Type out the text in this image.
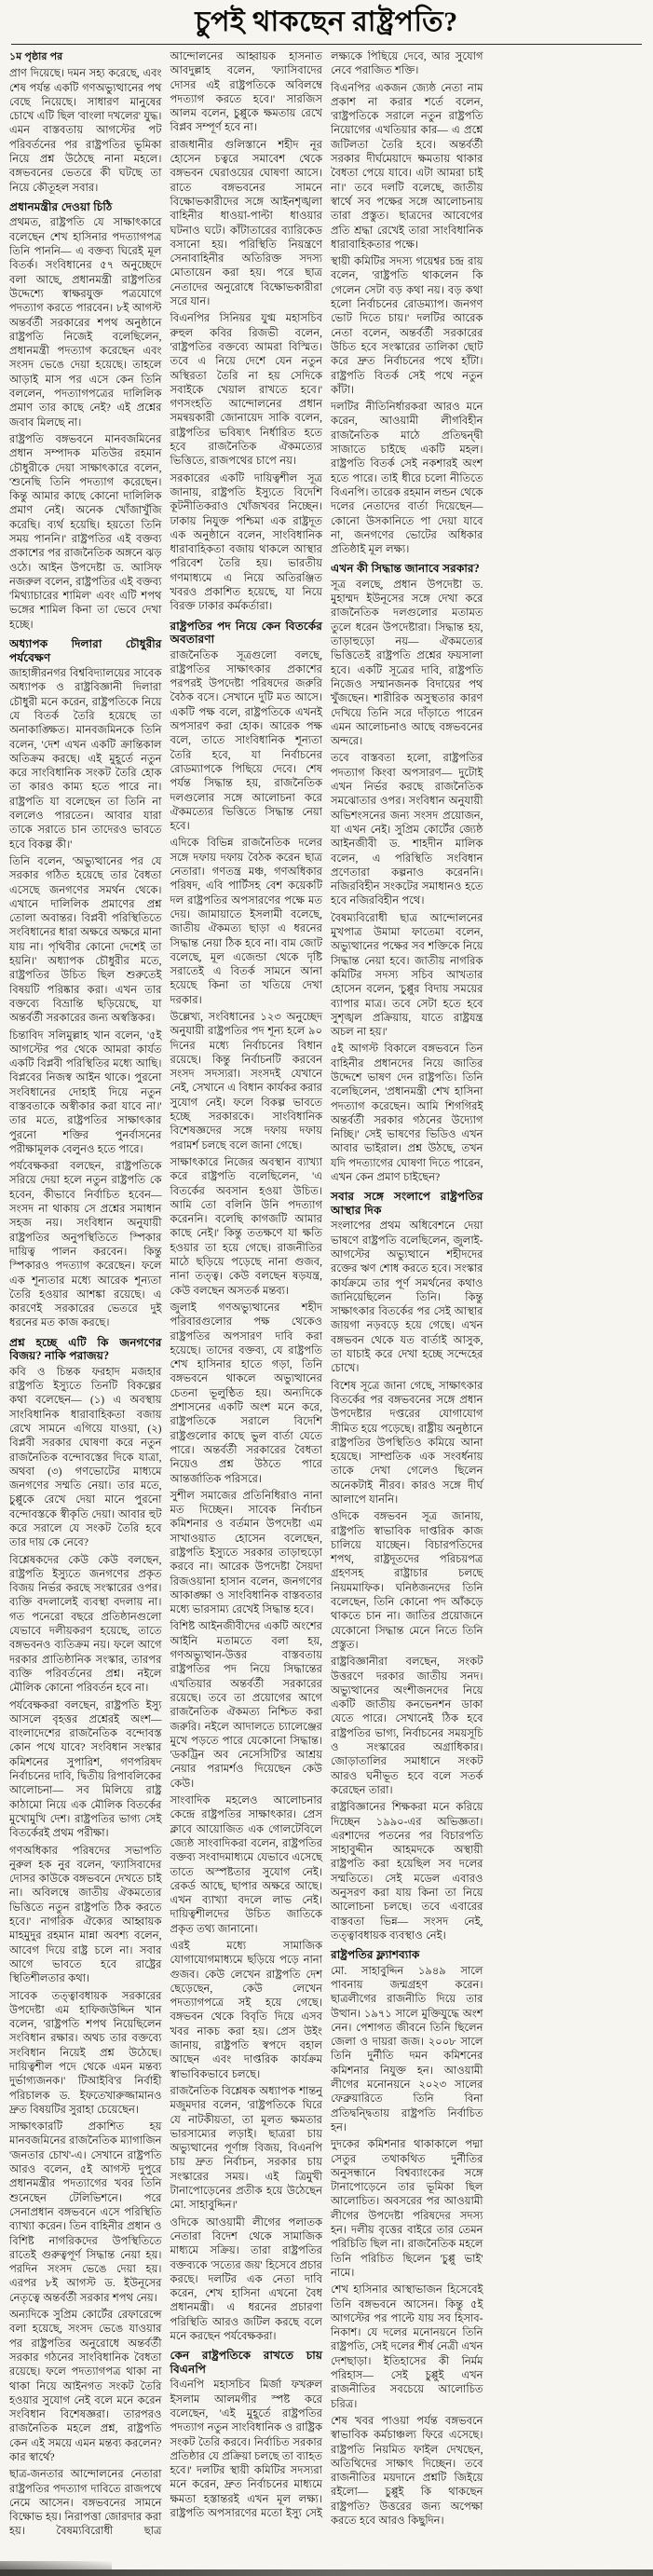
চুপই থাকছেন রাষ্ট্রপতি?
১ম পৃষ্ঠার পর

প্রাণ দিয়েছে। দমন সহ্য করেছে, এবং শেষ পর্যন্ত একটি গণঅভ্যুত্থানের পথ বেছে নিয়েছে। সাধারণ মানুষের চোখে এটি ছিল 'বাংলা দখলের' যুদ্ধ। এমন বাস্তবতায় আগস্টের পট পরিবর্তনের পর রাষ্ট্রপতির ভূমিকা নিয়ে প্রশ্ন উঠেছে নানা মহলে। বঙ্গভবনের ভেতরে কী ঘটছে তা নিয়ে কৌতূহল সবার।

প্রধানমন্ত্রীর দেওয়া চিঠি

প্রথমত, রাষ্ট্রপতি যে সাক্ষাৎকারে বলেছেন শেখ হাসিনার পদত্যাগপত্র তিনি পাননি— এ বক্তব্য ঘিরেই মূল বিতর্ক। সংবিধানের ৫৭ অনুচ্ছেদে বলা আছে, প্রধানমন্ত্রী রাষ্ট্রপতির উদ্দেশ্যে স্বাক্ষরযুক্ত পত্রযোগে পদত্যাগ করতে পারবেন। ৮ই আগস্ট অন্তর্বর্তী সরকারের শপথ অনুষ্ঠানে রাষ্ট্রপতি নিজেই বলেছিলেন, প্রধানমন্ত্রী পদত্যাগ করেছেন এবং সংসদ ভেঙে দেয়া হয়েছে। তাহলে আড়াই মাস পর এসে কেন তিনি বললেন, পদত্যাগপত্রের দালিলিক প্রমাণ তার কাছে নেই? এই প্রশ্নের জবাব মিলছে না।

রাষ্ট্রপতি বঙ্গভবনে মানবজমিনের প্রধান সম্পাদক মতিউর রহমান চৌধুরীকে দেয়া সাক্ষাৎকারে বলেন, 'শুনেছি তিনি পদত্যাগ করেছেন। কিন্তু আমার কাছে কোনো দালিলিক প্রমাণ নেই। অনেক খোঁজাখুঁজি করেছি। ব্যর্থ হয়েছি। হয়তো তিনি সময় পাননি।' রাষ্ট্রপতির এই বক্তব্য প্রকাশের পর রাজনৈতিক অঙ্গনে ঝড় ওঠে। আইন উপদেষ্টা ড. আসিফ নজরুল বলেন, রাষ্ট্রপতির এই বক্তব্য 'মিথ্যাচারের শামিল' এবং এটি শপথ ভঙ্গের শামিল কিনা তা ভেবে দেখা হচ্ছে।

অধ্যাপক দিলারা চৌধুরীর পর্যবেক্ষণ

জাহাঙ্গীরনগর বিশ্ববিদ্যালয়ের সাবেক অধ্যাপক ও রাষ্ট্রবিজ্ঞানী দিলারা চৌধুরী মনে করেন, রাষ্ট্রপতিকে নিয়ে যে বিতর্ক তৈরি হয়েছে তা অনাকাঙ্ক্ষিত। মানবজমিনকে তিনি বলেন, 'দেশ এখন একটি ক্রান্তিকাল অতিক্রম করছে। এই মুহূর্তে নতুন করে সাংবিধানিক সংকট তৈরি হোক তা কারও কাম্য হতে পারে না। রাষ্ট্রপতি যা বলেছেন তা তিনি না বললেও পারতেন। আবার যারা তাকে সরাতে চান তাদেরও ভাবতে হবে বিকল্প কী।'

তিনি বলেন, 'অভ্যুত্থানের পর যে সরকার গঠিত হয়েছে তার বৈধতা এসেছে জনগণের সমর্থন থেকে। এখানে দালিলিক প্রমাণের প্রশ্ন তোলা অবান্তর। বিপ্লবী পরিস্থিতিতে সংবিধানের ধারা অক্ষরে অক্ষরে মানা যায় না। পৃথিবীর কোনো দেশেই তা হয়নি।' অধ্যাপক চৌধুরীর মতে, রাষ্ট্রপতির উচিত ছিল শুরুতেই বিষয়টি পরিষ্কার করা। এখন তার বক্তব্যে বিভ্রান্তি ছড়িয়েছে, যা অন্তর্বর্তী সরকারের জন্য অস্বস্তিকর।

চিন্তাবিদ সলিমুল্লাহ খান বলেন, '৫ই আগস্টের পর থেকে আমরা কার্যত একটি বিপ্লবী পরিস্থিতির মধ্যে আছি। বিপ্লবের নিজস্ব আইন থাকে। পুরনো সংবিধানের দোহাই দিয়ে নতুন বাস্তবতাকে অস্বীকার করা যাবে না।' তার মতে, রাষ্ট্রপতির সাক্ষাৎকার পুরনো শক্তির পুনর্বাসনের পরীক্ষামূলক বেলুনও হতে পারে।

পর্যবেক্ষকরা বলছেন, রাষ্ট্রপতিকে সরিয়ে দেয়া হলে নতুন রাষ্ট্রপতি কে হবেন, কীভাবে নির্বাচিত হবেন— সংসদ না থাকায় সে প্রশ্নের সমাধান সহজ নয়। সংবিধান অনুযায়ী রাষ্ট্রপতির অনুপস্থিতিতে স্পিকার দায়িত্ব পালন করবেন। কিন্তু স্পিকারও পদত্যাগ করেছেন। ফলে এক শূন্যতার মধ্যে আরেক শূন্যতা তৈরি হওয়ার আশঙ্কা রয়েছে। এ কারণেই সরকারের ভেতরে দুই ধরনের মত কাজ করছে।

প্রশ্ন হচ্ছে এটি কি জনগণের বিজয়? নাকি পরাজয়?

কবি ও চিন্তক ফরহাদ মজহার রাষ্ট্রপতি ইস্যুতে তিনটি বিকল্পের কথা বলেছেন— (১) এ অবস্থায় সাংবিধানিক ধারাবাহিকতা বজায় রেখে সামনে এগিয়ে যাওয়া, (২) বিপ্লবী সরকার ঘোষণা করে নতুন রাজনৈতিক বন্দোবস্তের দিকে যাত্রা, অথবা (৩) গণভোটের মাধ্যমে জনগণের সম্মতি নেয়া। তার মতে, চুপ্পুকে রেখে দেয়া মানে পুরনো বন্দোবস্তকে স্বীকৃতি দেয়া। আবার হুট করে সরালে যে সংকট তৈরি হবে তার দায় কে নেবে?

বিশ্লেষকদের কেউ কেউ বলছেন, রাষ্ট্রপতি ইস্যুতে জনগণের প্রকৃত বিজয় নির্ভর করছে সংস্কারের ওপর। ব্যক্তি বদলালেই ব্যবস্থা বদলায় না। গত পনেরো বছরে প্রতিষ্ঠানগুলো যেভাবে দলীয়করণ হয়েছে, তাতে বঙ্গভবনও ব্যতিক্রম নয়। ফলে আগে দরকার প্রাতিষ্ঠানিক সংস্কার, তারপর ব্যক্তি পরিবর্তনের প্রশ্ন। নইলে মৌলিক কোনো পরিবর্তন হবে না।

পর্যবেক্ষকরা বলছেন, রাষ্ট্রপতি ইস্যু আসলে বৃহত্তর প্রশ্নেরই অংশ— বাংলাদেশের রাজনৈতিক বন্দোবস্ত কোন পথে যাবে? সংবিধান সংস্কার কমিশনের সুপারিশ, গণপরিষদ নির্বাচনের দাবি, দ্বিতীয় রিপাবলিকের আলোচনা— সব মিলিয়ে রাষ্ট্র কাঠামো নিয়ে এক মৌলিক বিতর্কের মুখোমুখি দেশ। রাষ্ট্রপতির ভাগ্য সেই বিতর্কেরই প্রথম পরীক্ষা।

গণঅধিকার পরিষদের সভাপতি নুরুল হক নুর বলেন, 'ফ্যাসিবাদের দোসর কাউকে বঙ্গভবনে দেখতে চাই না। অবিলম্বে জাতীয় ঐকমত্যের ভিত্তিতে নতুন রাষ্ট্রপতি ঠিক করতে হবে।' নাগরিক ঐক্যের আহ্বায়ক মাহমুদুর রহমান মান্না অবশ্য বলেন, আবেগ দিয়ে রাষ্ট্র চলে না। সবার আগে ভাবতে হবে রাষ্ট্রের স্থিতিশীলতার কথা।

সাবেক তত্ত্বাবধায়ক সরকারের উপদেষ্টা এম হাফিজউদ্দিন খান বলেন, 'রাষ্ট্রপতি শপথ নিয়েছিলেন সংবিধান রক্ষার। অথচ তার বক্তব্যে সংবিধান নিয়েই প্রশ্ন উঠেছে। দায়িত্বশীল পদে থেকে এমন মন্তব্য দুর্ভাগ্যজনক।' টিআইবি'র নির্বাহী পরিচালক ড. ইফতেখারুজ্জামানও দ্রুত বিষয়টির সুরাহা চেয়েছেন।

সাক্ষাৎকারটি প্রকাশিত হয় মানবজমিনের রাজনৈতিক ম্যাগাজিন 'জনতার চোখ'-এ। সেখানে রাষ্ট্রপতি আরও বলেন, ৫ই আগস্ট দুপুরে প্রধানমন্ত্রীর পদত্যাগের খবর তিনি শুনেছেন টেলিভিশনে। পরে সেনাপ্রধান বঙ্গভবনে এসে পরিস্থিতি ব্যাখ্যা করেন। তিন বাহিনীর প্রধান ও বিশিষ্ট নাগরিকদের উপস্থিতিতে রাতেই গুরুত্বপূর্ণ সিদ্ধান্ত নেয়া হয়। পরদিন সংসদ ভেঙে দেয়া হয়। এরপর ৮ই আগস্ট ড. ইউনূসের নেতৃত্বে অন্তর্বর্তী সরকার শপথ নেয়।

অন্যদিকে সুপ্রিম কোর্টের রেফারেন্সে বলা হয়েছে, সংসদ ভেঙে যাওয়ার পর রাষ্ট্রপতির অনুরোধে অন্তর্বর্তী সরকার গঠনের সাংবিধানিক বৈধতা রয়েছে। ফলে পদত্যাগপত্র থাকা না থাকা নিয়ে আইনগত সংকট তৈরি হওয়ার সুযোগ নেই বলে মনে করেন সংবিধান বিশেষজ্ঞরা। তারপরও রাজনৈতিক মহলে প্রশ্ন, রাষ্ট্রপতি কেন এই সময়ে এমন মন্তব্য করলেন? কার স্বার্থে?

ছাত্র-জনতার আন্দোলনের নেতারা রাষ্ট্রপতির পদত্যাগ দাবিতে রাজপথে নেমে আসেন। বঙ্গভবনের সামনে বিক্ষোভ হয়। নিরাপত্তা জোরদার করা হয়। বৈষম্যবিরোধী ছাত্র আন্দোলনের আহ্বায়ক হাসনাত আবদুল্লাহ বলেন, 'ফ্যাসিবাদের দোসর এই রাষ্ট্রপতিকে অবিলম্বে পদত্যাগ করতে হবে।' সারজিস আলম বলেন, চুপ্পুকে ক্ষমতায় রেখে বিপ্লব সম্পূর্ণ হবে না।

রাজধানীর গুলিস্তানে শহীদ নূর হোসেন চত্বরে সমাবেশ থেকে বঙ্গভবন ঘেরাওয়ের ঘোষণা আসে। রাতে বঙ্গভবনের সামনে বিক্ষোভকারীদের সঙ্গে আইনশৃঙ্খলা বাহিনীর ধাওয়া-পাল্টা ধাওয়ার ঘটনাও ঘটে। কাঁটাতারের ব্যারিকেড বসানো হয়। পরিস্থিতি নিয়ন্ত্রণে সেনাবাহিনীর অতিরিক্ত সদস্য মোতায়েন করা হয়। পরে ছাত্র নেতাদের অনুরোধে বিক্ষোভকারীরা সরে যান।

বিএনপির সিনিয়র যুগ্ম মহাসচিব রুহুল কবির রিজভী বলেন, 'রাষ্ট্রপতির বক্তব্যে আমরা বিস্মিত। তবে এ নিয়ে দেশে যেন নতুন অস্থিরতা তৈরি না হয় সেদিকে সবাইকে খেয়াল রাখতে হবে।' গণসংহতি আন্দোলনের প্রধান সমন্বয়কারী জোনায়েদ সাকি বলেন, রাষ্ট্রপতির ভবিষ্যৎ নির্ধারিত হতে হবে রাজনৈতিক ঐকমত্যের ভিত্তিতে, রাজপথের চাপে নয়।

সরকারের একটি দায়িত্বশীল সূত্র জানায়, রাষ্ট্রপতি ইস্যুতে বিদেশি কূটনীতিকরাও খোঁজখবর নিচ্ছেন। ঢাকায় নিযুক্ত পশ্চিমা এক রাষ্ট্রদূত এক অনুষ্ঠানে বলেন, সাংবিধানিক ধারাবাহিকতা বজায় থাকলে আস্থার পরিবেশ তৈরি হয়। ভারতীয় গণমাধ্যমে এ নিয়ে অতিরঞ্জিত খবরও প্রকাশিত হয়েছে, যা নিয়ে বিরক্ত ঢাকার কর্মকর্তারা।

রাষ্ট্রপতির পদ নিয়ে কেন বিতর্কের অবতারণা

রাজনৈতিক সূত্রগুলো বলছে, রাষ্ট্রপতির সাক্ষাৎকার প্রকাশের পরপরই উপদেষ্টা পরিষদের জরুরি বৈঠক বসে। সেখানে দুটি মত আসে। একটি পক্ষ বলে, রাষ্ট্রপতিকে এখনই অপসারণ করা হোক। আরেক পক্ষ বলে, তাতে সাংবিধানিক শূন্যতা তৈরি হবে, যা নির্বাচনের রোডম্যাপকে পিছিয়ে দেবে। শেষ পর্যন্ত সিদ্ধান্ত হয়, রাজনৈতিক দলগুলোর সঙ্গে আলোচনা করে ঐকমত্যের ভিত্তিতে সিদ্ধান্ত নেয়া হবে।

এদিকে বিভিন্ন রাজনৈতিক দলের সঙ্গে দফায় দফায় বৈঠক করেন ছাত্র নেতারা। গণতন্ত্র মঞ্চ, গণঅধিকার পরিষদ, এবি পার্টিসহ বেশ কয়েকটি দল রাষ্ট্রপতির অপসারণের পক্ষে মত দেয়। জামায়াতে ইসলামী বলেছে, জাতীয় ঐকমত্য ছাড়া এ ধরনের সিদ্ধান্ত নেয়া ঠিক হবে না। বাম জোট বলেছে, মূল এজেন্ডা থেকে দৃষ্টি সরাতেই এ বিতর্ক সামনে আনা হয়েছে কিনা তা খতিয়ে দেখা দরকার।

উল্লেখ্য, সংবিধানের ১২৩ অনুচ্ছেদ অনুযায়ী রাষ্ট্রপতির পদ শূন্য হলে ৯০ দিনের মধ্যে নির্বাচনের বিধান রয়েছে। কিন্তু নির্বাচনটি করবেন সংসদ সদস্যরা। সংসদই যেখানে নেই, সেখানে এ বিধান কার্যকর করার সুযোগ নেই। ফলে বিকল্প ভাবতে হচ্ছে সরকারকে। সাংবিধানিক বিশেষজ্ঞদের সঙ্গে দফায় দফায় পরামর্শ চলছে বলে জানা গেছে।

সাক্ষাৎকারে নিজের অবস্থান ব্যাখ্যা করে রাষ্ট্রপতি বলেছিলেন, 'এ বিতর্কের অবসান হওয়া উচিত। আমি তো বলিনি উনি পদত্যাগ করেননি। বলেছি কাগজটি আমার কাছে নেই।' কিন্তু ততক্ষণে যা ক্ষতি হওয়ার তা হয়ে গেছে। রাজনীতির মাঠে ছড়িয়ে পড়েছে নানা গুজব, নানা তত্ত্ব। কেউ বলছেন ষড়যন্ত্র, কেউ বলছেন অসতর্ক মন্তব্য।

জুলাই গণঅভ্যুত্থানের শহীদ পরিবারগুলোর পক্ষ থেকেও রাষ্ট্রপতির অপসারণ দাবি করা হয়েছে। তাদের বক্তব্য, যে রাষ্ট্রপতি শেখ হাসিনার হাতে গড়া, তিনি বঙ্গভবনে থাকলে অভ্যুত্থানের চেতনা ভূলুণ্ঠিত হয়। অন্যদিকে প্রশাসনের একটি অংশ মনে করে, রাষ্ট্রপতিকে সরালে বিদেশি রাষ্ট্রগুলোর কাছে ভুল বার্তা যেতে পারে। অন্তর্বর্তী সরকারের বৈধতা নিয়েও প্রশ্ন উঠতে পারে আন্তর্জাতিক পরিসরে।

সুশীল সমাজের প্রতিনিধিরাও নানা মত দিচ্ছেন। সাবেক নির্বাচন কমিশনার ও বর্তমান উপদেষ্টা এম সাখাওয়াত হোসেন বলেছেন, রাষ্ট্রপতি ইস্যুতে সরকার তাড়াহুড়ো করবে না। আরেক উপদেষ্টা সৈয়দা রিজওয়ানা হাসান বলেন, জনগণের আকাঙ্ক্ষা ও সাংবিধানিক বাস্তবতার মধ্যে ভারসাম্য রেখেই সিদ্ধান্ত হবে।

বিশিষ্ট আইনজীবীদের একটি অংশের আইনি মতামতে বলা হয়, গণঅভ্যুত্থান-উত্তর বাস্তবতায় রাষ্ট্রপতির পদ নিয়ে সিদ্ধান্তের এখতিয়ার অন্তর্বর্তী সরকারের রয়েছে। তবে তা প্রয়োগের আগে রাজনৈতিক ঐকমত্য নিশ্চিত করা জরুরি। নইলে আদালতে চ্যালেঞ্জের মুখে পড়তে পারে যেকোনো সিদ্ধান্ত। 'ডকট্রিন অব নেসেসিটি'র আশ্রয় নেয়ার পরামর্শও দিয়েছেন কেউ কেউ।

সাংবাদিক মহলেও আলোচনার কেন্দ্রে রাষ্ট্রপতির সাক্ষাৎকার। প্রেস ক্লাবে আয়োজিত এক গোলটেবিলে জ্যেষ্ঠ সাংবাদিকরা বলেন, রাষ্ট্রপতির বক্তব্য সংবাদমাধ্যমে যেভাবে এসেছে তাতে অস্পষ্টতার সুযোগ নেই। রেকর্ড আছে, ছাপার অক্ষরে আছে। এখন ব্যাখ্যা বদলে লাভ নেই। দায়িত্বশীলদের উচিত জাতিকে প্রকৃত তথ্য জানানো।

এরই মধ্যে সামাজিক যোগাযোগমাধ্যমে ছড়িয়ে পড়ে নানা গুজব। কেউ লেখেন রাষ্ট্রপতি দেশ ছেড়েছেন, কেউ লেখেন পদত্যাগপত্রে সই হয়ে গেছে। বঙ্গভবন থেকে বিবৃতি দিয়ে এসব খবর নাকচ করা হয়। প্রেস উইং জানায়, রাষ্ট্রপতি স্বপদে বহাল আছেন এবং দাপ্তরিক কার্যক্রম স্বাভাবিকভাবে চলছে।

রাজনৈতিক বিশ্লেষক অধ্যাপক শান্তনু মজুমদার বলেন, 'রাষ্ট্রপতিকে ঘিরে যে নাটকীয়তা, তা মূলত ক্ষমতার ভারসাম্যের লড়াই। ছাত্ররা চায় অভ্যুত্থানের পূর্ণাঙ্গ বিজয়, বিএনপি চায় দ্রুত নির্বাচন, সরকার চায় সংস্কারের সময়। এই ত্রিমুখী টানাপোড়েনের প্রতীক হয়ে উঠেছেন মো. সাহাবুদ্দিন।'

ওদিকে আওয়ামী লীগের পলাতক নেতারা বিদেশ থেকে সামাজিক মাধ্যমে সক্রিয়। তারা রাষ্ট্রপতির বক্তব্যকে 'সত্যের জয়' হিসেবে প্রচার করছে। দলটির এক নেতা দাবি করেন, শেখ হাসিনা এখনো বৈধ প্রধানমন্ত্রী। এ ধরনের প্রচারণা পরিস্থিতি আরও জটিল করছে বলে মনে করছেন পর্যবেক্ষকরা।

কেন রাষ্ট্রপতিকে রাখতে চায় বিএনপি

বিএনপি মহাসচিব মির্জা ফখরুল ইসলাম আলমগীর স্পষ্ট করে বলেছেন, 'এই মুহূর্তে রাষ্ট্রপতির পদত্যাগ নতুন সাংবিধানিক ও রাষ্ট্রিক সংকট তৈরি করবে। নির্বাচিত সরকার প্রতিষ্ঠার যে প্রক্রিয়া চলছে তা ব্যাহত হবে।' দলটির স্থায়ী কমিটির সদস্যরা মনে করেন, দ্রুত নির্বাচনের মাধ্যমে ক্ষমতা হস্তান্তরই এখন মূল লক্ষ্য। রাষ্ট্রপতি অপসারণের মতো ইস্যু সেই লক্ষ্যকে পিছিয়ে দেবে, আর সুযোগ নেবে পরাজিত শক্তি।

বিএনপির একজন জ্যেষ্ঠ নেতা নাম প্রকাশ না করার শর্তে বলেন, 'রাষ্ট্রপতিকে সরালে নতুন রাষ্ট্রপতি নিয়োগের এখতিয়ার কার— এ প্রশ্নে জটিলতা তৈরি হবে। অন্তর্বর্তী সরকার দীর্ঘমেয়াদে ক্ষমতায় থাকার বৈধতা পেয়ে যাবে। এটা আমরা চাই না।' তবে দলটি বলেছে, জাতীয় স্বার্থে সব পক্ষের সঙ্গে আলোচনায় তারা প্রস্তুত। ছাত্রদের আবেগের প্রতি শ্রদ্ধা রেখেই তারা সাংবিধানিক ধারাবাহিকতার পক্ষে।

স্থায়ী কমিটির সদস্য গয়েশ্বর চন্দ্র রায় বলেন, 'রাষ্ট্রপতি থাকলেন কি গেলেন সেটা বড় কথা নয়। বড় কথা হলো নির্বাচনের রোডম্যাপ। জনগণ ভোট দিতে চায়।' দলটির আরেক নেতা বলেন, অন্তর্বর্তী সরকারের উচিত হবে সংস্কারের তালিকা ছোট করে দ্রুত নির্বাচনের পথে হাঁটা। রাষ্ট্রপতি বিতর্ক সেই পথে নতুন কাঁটা।

দলটির নীতিনির্ধারকরা আরও মনে করেন, আওয়ামী লীগবিহীন রাজনৈতিক মাঠে প্রতিদ্বন্দ্বী সাজাতে চাইছে একটি মহল। রাষ্ট্রপতি বিতর্ক সেই নকশারই অংশ হতে পারে। তাই ধীরে চলো নীতিতে বিএনপি। তারেক রহমান লন্ডন থেকে দলের নেতাদের বার্তা দিয়েছেন— কোনো উসকানিতে পা দেয়া যাবে না, জনগণের ভোটের অধিকার প্রতিষ্ঠাই মূল লক্ষ্য।

এখন কী সিদ্ধান্ত জানাবে সরকার?

সূত্র বলছে, প্রধান উপদেষ্টা ড. মুহাম্মদ ইউনূসের সঙ্গে দেখা করে রাজনৈতিক দলগুলোর মতামত তুলে ধরেন উপদেষ্টারা। সিদ্ধান্ত হয়, তাড়াহুড়ো নয়— ঐকমত্যের ভিত্তিতেই রাষ্ট্রপতি প্রশ্নের ফয়সালা হবে। একটি সূত্রের দাবি, রাষ্ট্রপতি নিজেও সম্মানজনক বিদায়ের পথ খুঁজছেন। শারীরিক অসুস্থতার কারণ দেখিয়ে তিনি সরে দাঁড়াতে পারেন এমন আলোচনাও আছে বঙ্গভবনের অন্দরে।

তবে বাস্তবতা হলো, রাষ্ট্রপতির পদত্যাগ কিংবা অপসারণ— দুটোই এখন নির্ভর করছে রাজনৈতিক সমঝোতার ওপর। সংবিধান অনুযায়ী অভিশংসনের জন্য সংসদ প্রয়োজন, যা এখন নেই। সুপ্রিম কোর্টের জ্যেষ্ঠ আইনজীবী ড. শাহদীন মালিক বলেন, এ পরিস্থিতি সংবিধান প্রণেতারা কল্পনাও করেননি। নজিরবিহীন সংকটের সমাধানও হতে হবে নজিরবিহীন পথে।

বৈষম্যবিরোধী ছাত্র আন্দোলনের মুখপাত্র উমামা ফাতেমা বলেন, অভ্যুত্থানের পক্ষের সব শক্তিকে নিয়ে সিদ্ধান্ত নেয়া হবে। জাতীয় নাগরিক কমিটির সদস্য সচিব আখতার হোসেন বলেন, 'চুপ্পুর বিদায় সময়ের ব্যাপার মাত্র। তবে সেটা হতে হবে সুশৃঙ্খল প্রক্রিয়ায়, যাতে রাষ্ট্রযন্ত্র অচল না হয়।'

৫ই আগস্ট বিকালে বঙ্গভবনে তিন বাহিনীর প্রধানদের নিয়ে জাতির উদ্দেশে ভাষণ দেন রাষ্ট্রপতি। তিনি বলেছিলেন, 'প্রধানমন্ত্রী শেখ হাসিনা পদত্যাগ করেছেন। আমি শিগগিরই অন্তর্বর্তী সরকার গঠনের উদ্যোগ নিচ্ছি।' সেই ভাষণের ভিডিও এখন আবার ভাইরাল। প্রশ্ন উঠছে, তখন যদি পদত্যাগের ঘোষণা দিতে পারেন, এখন কেন প্রমাণ চাইছেন?

সবার সঙ্গে সংলাপে রাষ্ট্রপতির আস্থার দিক

সংলাপের প্রথম অধিবেশনে দেয়া ভাষণে রাষ্ট্রপতি বলেছিলেন, জুলাই-আগস্টের অভ্যুত্থানে শহীদদের রক্তের ঋণ শোধ করতে হবে। সংস্কার কার্যক্রমে তার পূর্ণ সমর্থনের কথাও জানিয়েছিলেন তিনি। কিন্তু সাক্ষাৎকার বিতর্কের পর সেই আস্থার জায়গা নড়বড়ে হয়ে গেছে। এখন বঙ্গভবন থেকে যত বার্তাই আসুক, তা যাচাই করে দেখা হচ্ছে সন্দেহের চোখে।

বিশেষ সূত্রে জানা গেছে, সাক্ষাৎকার বিতর্কের পর বঙ্গভবনের সঙ্গে প্রধান উপদেষ্টার দপ্তরের যোগাযোগ সীমিত হয়ে পড়েছে। রাষ্ট্রীয় অনুষ্ঠানে রাষ্ট্রপতির উপস্থিতিও কমিয়ে আনা হয়েছে। সাম্প্রতিক এক সংবর্ধনায় তাকে দেখা গেলেও ছিলেন অনেকটাই নীরব। কারও সঙ্গে দীর্ঘ আলাপে যাননি।

ওদিকে বঙ্গভবন সূত্র জানায়, রাষ্ট্রপতি স্বাভাবিক দাপ্তরিক কাজ চালিয়ে যাচ্ছেন। বিচারপতিদের শপথ, রাষ্ট্রদূতদের পরিচয়পত্র গ্রহণসহ রাষ্ট্রাচার চলছে নিয়মমাফিক। ঘনিষ্ঠজনদের তিনি বলেছেন, তিনি কোনো পদ আঁকড়ে থাকতে চান না। জাতির প্রয়োজনে যেকোনো সিদ্ধান্ত মেনে নিতে তিনি প্রস্তুত।

রাষ্ট্রবিজ্ঞানীরা বলছেন, সংকট উত্তরণে দরকার জাতীয় সনদ। অভ্যুত্থানের অংশীজনদের নিয়ে একটি জাতীয় কনভেনশন ডাকা যেতে পারে। সেখানেই ঠিক হবে রাষ্ট্রপতির ভাগ্য, নির্বাচনের সময়সূচি ও সংস্কারের অগ্রাধিকার। জোড়াতালির সমাধানে সংকট আরও ঘনীভূত হবে বলে সতর্ক করেছেন তারা।

রাষ্ট্রবিজ্ঞানের শিক্ষকরা মনে করিয়ে দিচ্ছেন ১৯৯০-এর অভিজ্ঞতা। এরশাদের পতনের পর বিচারপতি সাহাবুদ্দীন আহমদকে অস্থায়ী রাষ্ট্রপতি করা হয়েছিল সব দলের সম্মতিতে। সেই মডেল এবারও অনুসরণ করা যায় কিনা তা নিয়ে আলোচনা চলছে। তবে এবারের বাস্তবতা ভিন্ন— সংসদ নেই, তত্ত্বাবধায়ক ব্যবস্থাও নেই।

রাষ্ট্রপতির ফ্ল্যাশব্যাক

মো. সাহাবুদ্দিন ১৯৪৯ সালে পাবনায় জন্মগ্রহণ করেন। ছাত্রলীগের রাজনীতি দিয়ে তার উত্থান। ১৯৭১ সালে মুক্তিযুদ্ধে অংশ নেন। পেশাগত জীবনে তিনি ছিলেন জেলা ও দায়রা জজ। ২০০৮ সালে তিনি দুর্নীতি দমন কমিশনের কমিশনার নিযুক্ত হন। আওয়ামী লীগের মনোনয়নে ২০২৩ সালের ফেব্রুয়ারিতে তিনি বিনা প্রতিদ্বন্দ্বিতায় রাষ্ট্রপতি নির্বাচিত হন।

দুদকের কমিশনার থাকাকালে পদ্মা সেতুর তথাকথিত দুর্নীতির অনুসন্ধানে বিশ্বব্যাংকের সঙ্গে টানাপোড়েনে তার ভূমিকা ছিল আলোচিত। অবসরের পর আওয়ামী লীগের উপদেষ্টা পরিষদের সদস্য হন। দলীয় বৃত্তের বাইরে তার তেমন পরিচিতি ছিল না। রাজনৈতিক মহলে তিনি পরিচিত ছিলেন 'চুপ্পু ভাই' নামে।

শেখ হাসিনার আস্থাভাজন হিসেবেই তিনি বঙ্গভবনে আসেন। কিন্তু ৫ই আগস্টের পর পাল্টে যায় সব হিসাব-নিকাশ। যে দলের মনোনয়নে তিনি রাষ্ট্রপতি, সেই দলের শীর্ষ নেত্রী এখন দেশছাড়া। ইতিহাসের কী নির্মম পরিহাস— সেই চুপ্পুই এখন রাজনীতির সবচেয়ে আলোচিত চরিত্র।

শেষ খবর পাওয়া পর্যন্ত বঙ্গভবনে স্বাভাবিক কর্মচাঞ্চল্য ফিরে এসেছে। রাষ্ট্রপতি নিয়মিত ফাইল দেখছেন, অতিথিদের সাক্ষাৎ দিচ্ছেন। তবে রাজনীতির ময়দানে প্রশ্নটি জিইয়ে রইলো— চুপ্পুই কি থাকছেন রাষ্ট্রপতি? উত্তরের জন্য অপেক্ষা করতে হবে আরও কিছুদিন।
